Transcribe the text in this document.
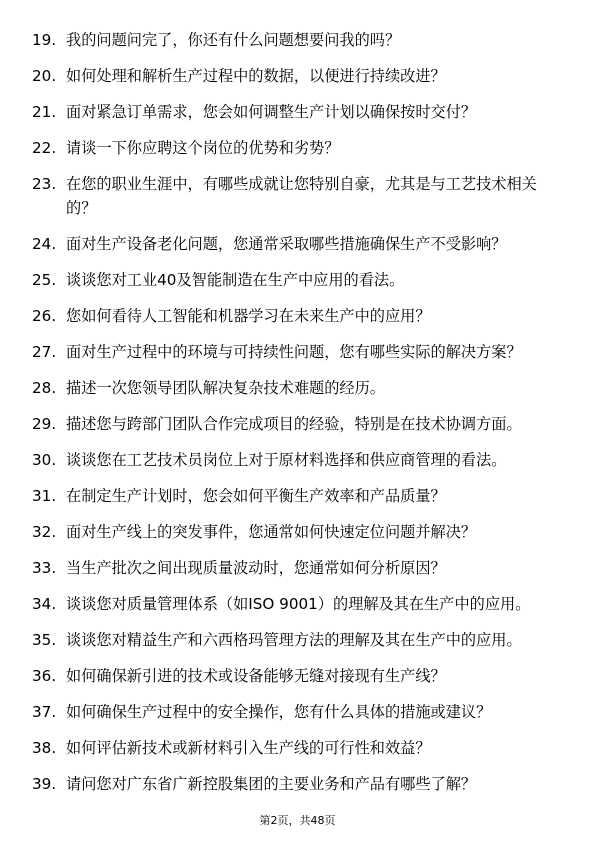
19. 我的问题问完了，你还有什么问题想要问我的吗？
20. 如何处理和解析生产过程中的数据，以便进行持续改进？
21. 面对紧急订单需求，您会如何调整生产计划以确保按时交付？
22. 请谈一下你应聘这个岗位的优势和劣势？
23. 在您的职业生涯中，有哪些成就让您特别自豪，尤其是与工艺技术相关的？
24. 面对生产设备老化问题，您通常采取哪些措施确保生产不受影响？
25. 谈谈您对工业40及智能制造在生产中应用的看法。
26. 您如何看待人工智能和机器学习在未来生产中的应用？
27. 面对生产过程中的环境与可持续性问题，您有哪些实际的解决方案？
28. 描述一次您领导团队解决复杂技术难题的经历。
29. 描述您与跨部门团队合作完成项目的经验，特别是在技术协调方面。
30. 谈谈您在工艺技术员岗位上对于原材料选择和供应商管理的看法。
31. 在制定生产计划时，您会如何平衡生产效率和产品质量？
32. 面对生产线上的突发事件，您通常如何快速定位问题并解决？
33. 当生产批次之间出现质量波动时，您通常如何分析原因？
34. 谈谈您对质量管理体系（如ISO 9001）的理解及其在生产中的应用。
35. 谈谈您对精益生产和六西格玛管理方法的理解及其在生产中的应用。
36. 如何确保新引进的技术或设备能够无缝对接现有生产线？
37. 如何确保生产过程中的安全操作，您有什么具体的措施或建议？
38. 如何评估新技术或新材料引入生产线的可行性和效益？
39. 请问您对广东省广新控股集团的主要业务和产品有哪些了解？
第2页，共48页
